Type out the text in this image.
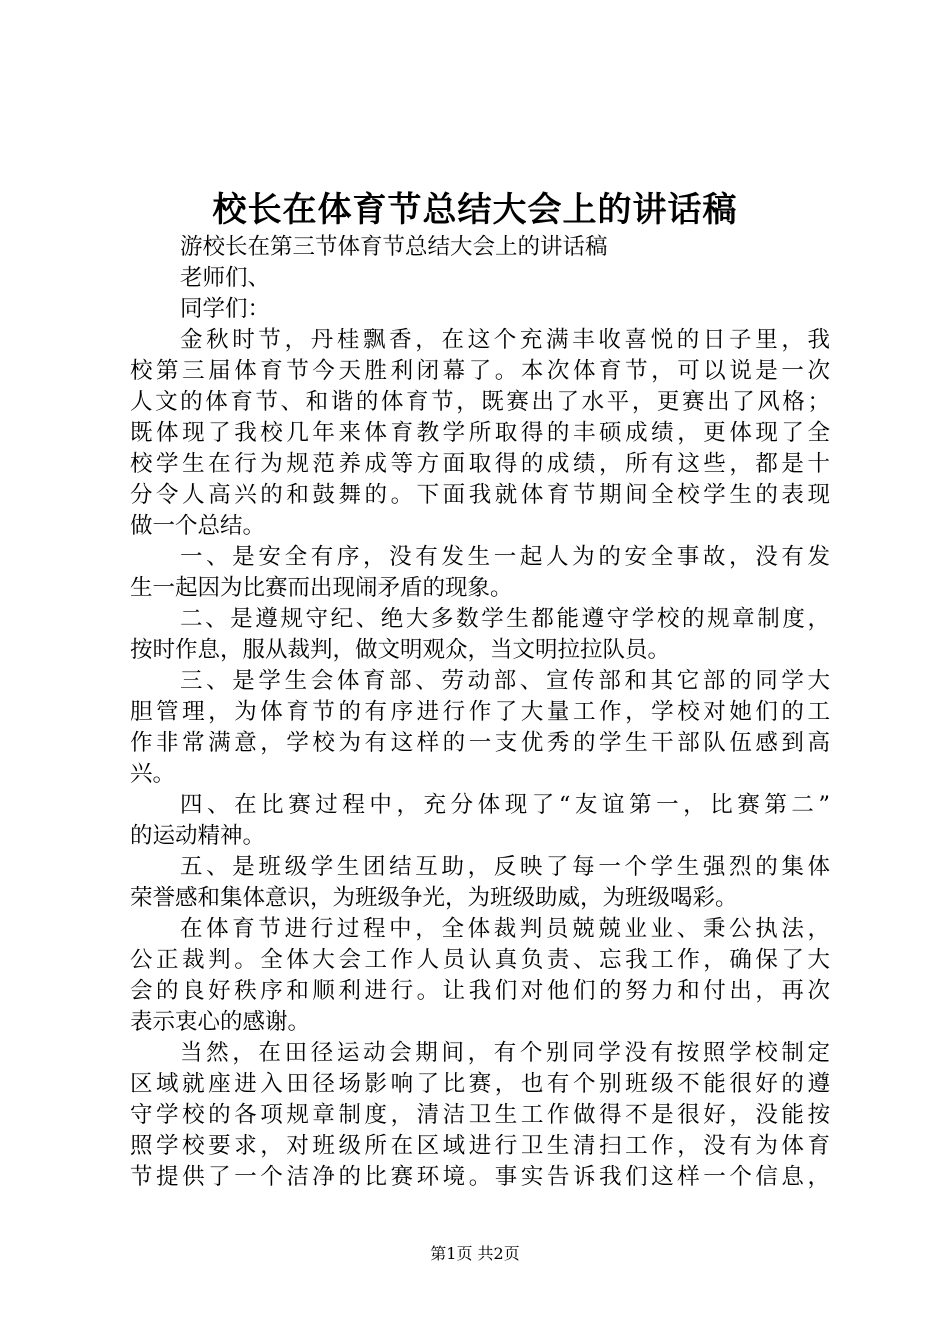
校长在体育节总结大会上的讲话稿
游校长在第三节体育节总结大会上的讲话稿
老师们、
同学们：
金秋时节，丹桂飘香，在这个充满丰收喜悦的日子里，我
校第三届体育节今天胜利闭幕了。本次体育节，可以说是一次
人文的体育节、和谐的体育节，既赛出了水平，更赛出了风格；
既体现了我校几年来体育教学所取得的丰硕成绩，更体现了全
校学生在行为规范养成等方面取得的成绩，所有这些，都是十
分令人高兴的和鼓舞的。下面我就体育节期间全校学生的表现
做一个总结。
一、是安全有序，没有发生一起人为的安全事故，没有发
生一起因为比赛而出现闹矛盾的现象。
二、是遵规守纪、绝大多数学生都能遵守学校的规章制度，
按时作息，服从裁判，做文明观众，当文明拉拉队员。
三、是学生会体育部、劳动部、宣传部和其它部的同学大
胆管理，为体育节的有序进行作了大量工作，学校对她们的工
作非常满意，学校为有这样的一支优秀的学生干部队伍感到高
兴。
四、在比赛过程中，充分体现了“友谊第一，比赛第二”
的运动精神。
五、是班级学生团结互助，反映了每一个学生强烈的集体
荣誉感和集体意识，为班级争光，为班级助威，为班级喝彩。
在体育节进行过程中，全体裁判员兢兢业业、秉公执法，
公正裁判。全体大会工作人员认真负责、忘我工作，确保了大
会的良好秩序和顺利进行。让我们对他们的努力和付出，再次
表示衷心的感谢。
当然，在田径运动会期间，有个别同学没有按照学校制定
区域就座进入田径场影响了比赛，也有个别班级不能很好的遵
守学校的各项规章制度，清洁卫生工作做得不是很好，没能按
照学校要求，对班级所在区域进行卫生清扫工作，没有为体育
节提供了一个洁净的比赛环境。事实告诉我们这样一个信息，
第1页 共2页
